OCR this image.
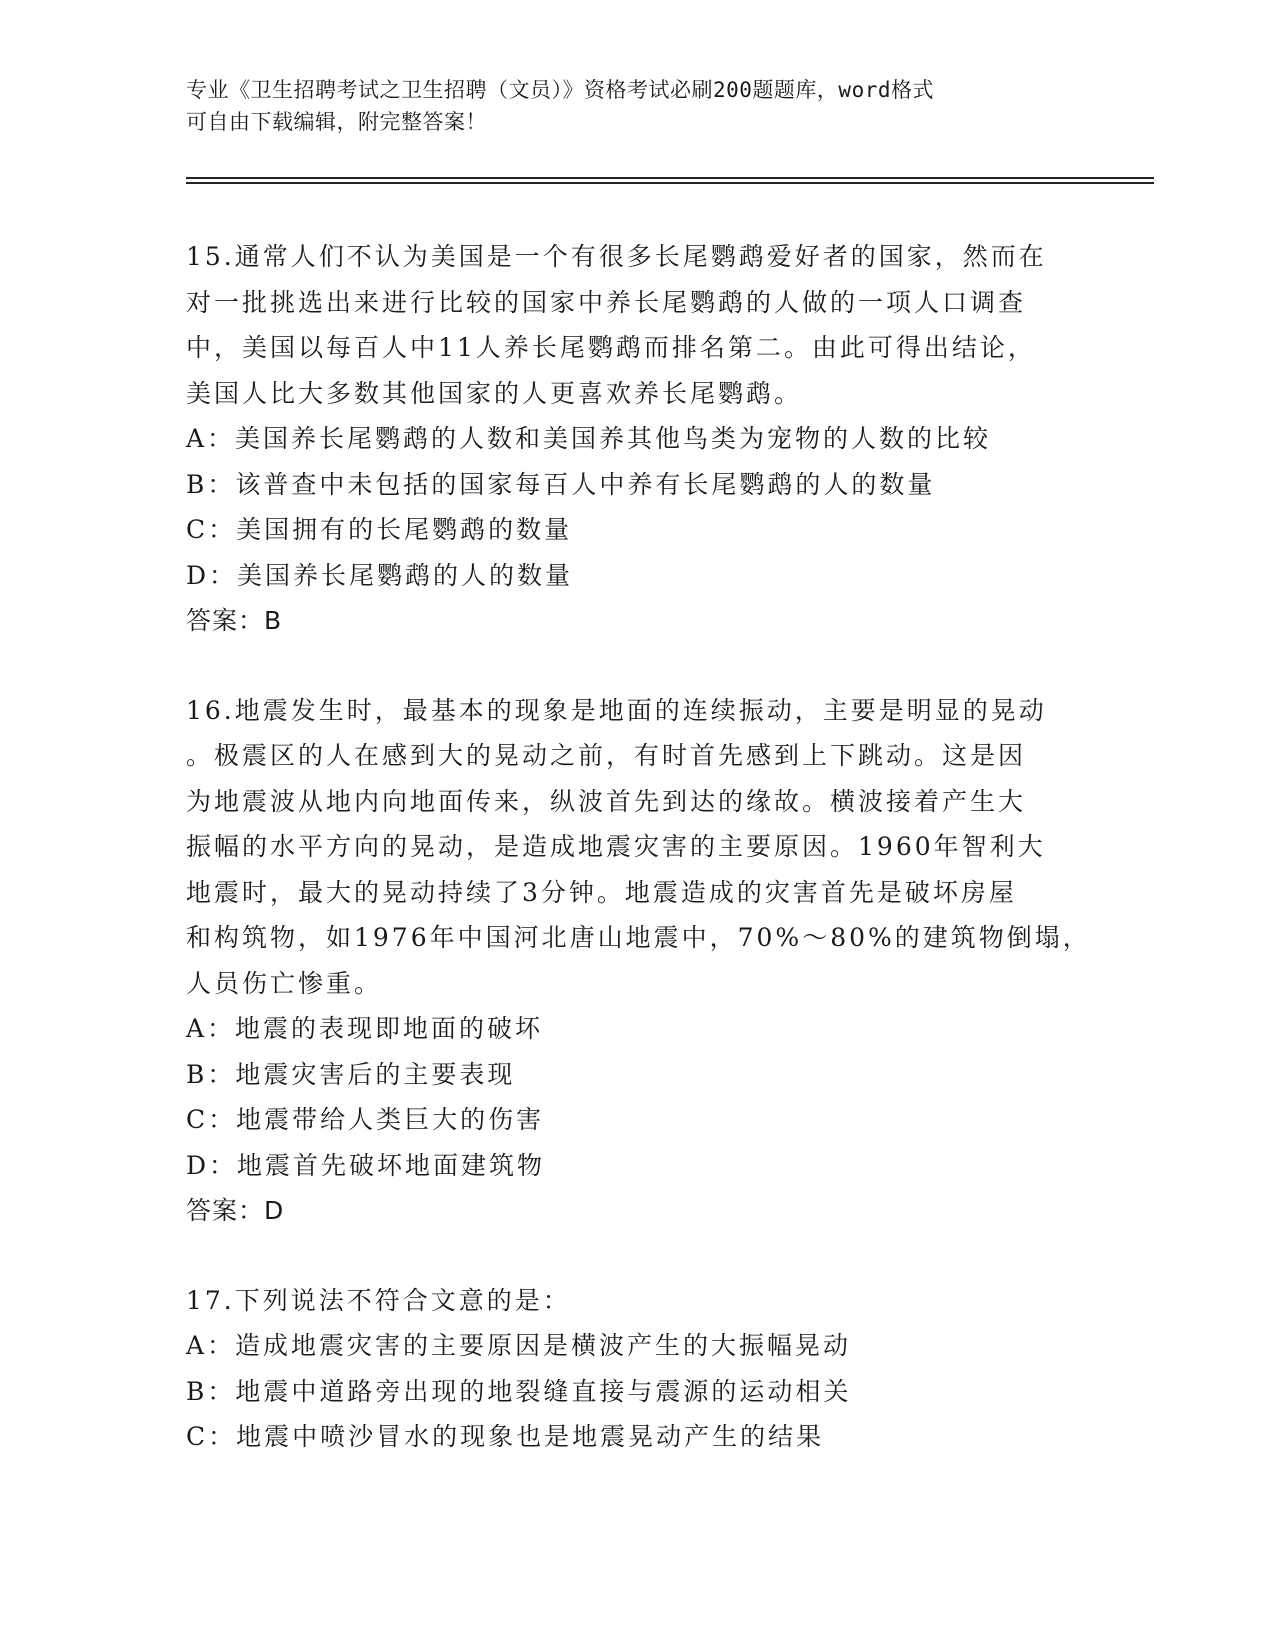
专业《卫生招聘考试之卫生招聘（文员）》资格考试必刷200题题库，word格式

可自由下载编辑，附完整答案！

15.通常人们不认为美国是一个有很多长尾鹦鹉爱好者的国家，然而在

对一批挑选出来进行比较的国家中养长尾鹦鹉的人做的一项人口调查

中，美国以每百人中11人养长尾鹦鹉而排名第二。由此可得出结论，

美国人比大多数其他国家的人更喜欢养长尾鹦鹉。

A：美国养长尾鹦鹉的人数和美国养其他鸟类为宠物的人数的比较

B：该普查中未包括的国家每百人中养有长尾鹦鹉的人的数量

C：美国拥有的长尾鹦鹉的数量

D：美国养长尾鹦鹉的人的数量

答案：B

16.地震发生时，最基本的现象是地面的连续振动，主要是明显的晃动

。极震区的人在感到大的晃动之前，有时首先感到上下跳动。这是因

为地震波从地内向地面传来，纵波首先到达的缘故。横波接着产生大

振幅的水平方向的晃动，是造成地震灾害的主要原因。1960年智利大

地震时，最大的晃动持续了3分钟。地震造成的灾害首先是破坏房屋

和构筑物，如1976年中国河北唐山地震中，70%～80%的建筑物倒塌，

人员伤亡惨重。

A：地震的表现即地面的破坏

B：地震灾害后的主要表现

C：地震带给人类巨大的伤害

D：地震首先破坏地面建筑物

答案：D

17.下列说法不符合文意的是：

A：造成地震灾害的主要原因是横波产生的大振幅晃动

B：地震中道路旁出现的地裂缝直接与震源的运动相关

C：地震中喷沙冒水的现象也是地震晃动产生的结果
